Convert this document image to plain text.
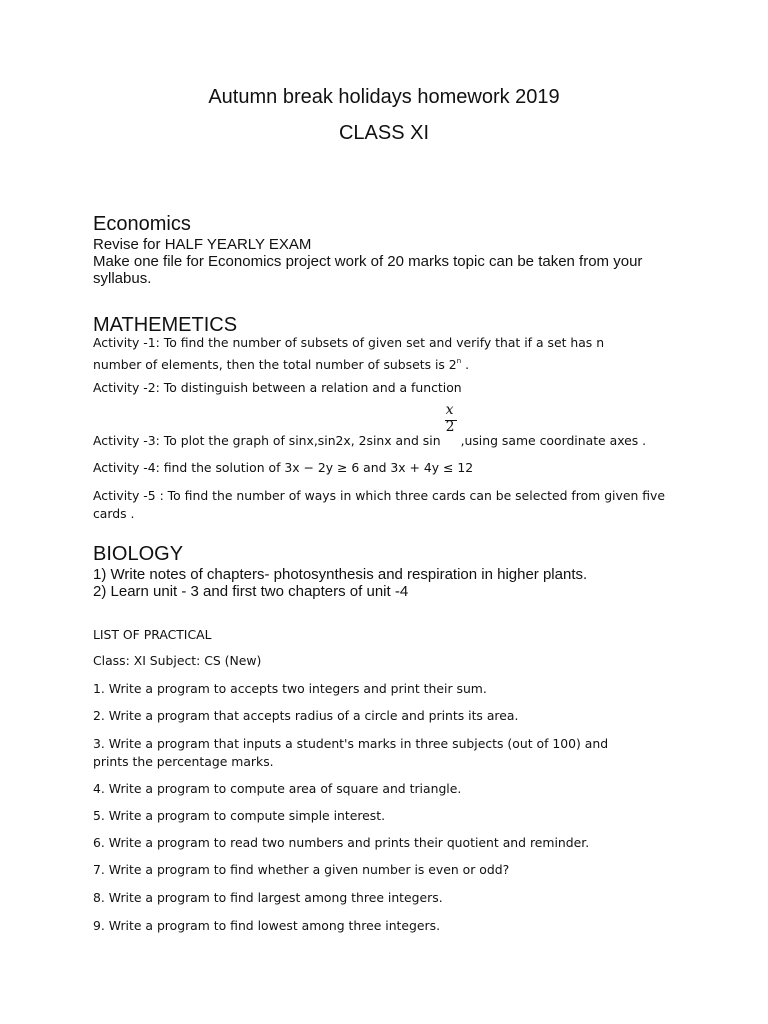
Autumn break holidays homework 2019
CLASS XI
Economics

Revise for HALF YEARLY EXAM

Make one file for Economics project work of 20 marks topic can be taken from your syllabus.

MATHEMETICS

Activity -1: To find the number of subsets of given set and verify that if a set has n number of elements, then the total number of subsets is 2$^n$ .

Activity -2: To distinguish between a relation and a function

Activity -3: To plot the graph of sinx,sin2x, 2sinx and $\sin \frac{x}{2} ,using$ same coordinate axes .

Activity -4: find the solution of 3x − 2y ≥ 6 and 3x + 4y ≤ 12

Activity -5 : To find the number of ways in which three cards can be selected from given five cards .

BIOLOGY

1) Write notes of chapters- photosynthesis and respiration in higher plants.

2) Learn unit - 3 and first two chapters of unit -4

LIST OF PRACTICAL

Class: XI Subject: CS (New)

1. Write a program to accepts two integers and print their sum.

2. Write a program that accepts radius of a circle and prints its area.

3. Write a program that inputs a student's marks in three subjects (out of 100) and prints the percentage marks.

4. Write a program to compute area of square and triangle.

5. Write a program to compute simple interest.

6. Write a program to read two numbers and prints their quotient and reminder.

7. Write a program to find whether a given number is even or odd?

8. Write a program to find largest among three integers.

9. Write a program to find lowest among three integers.
